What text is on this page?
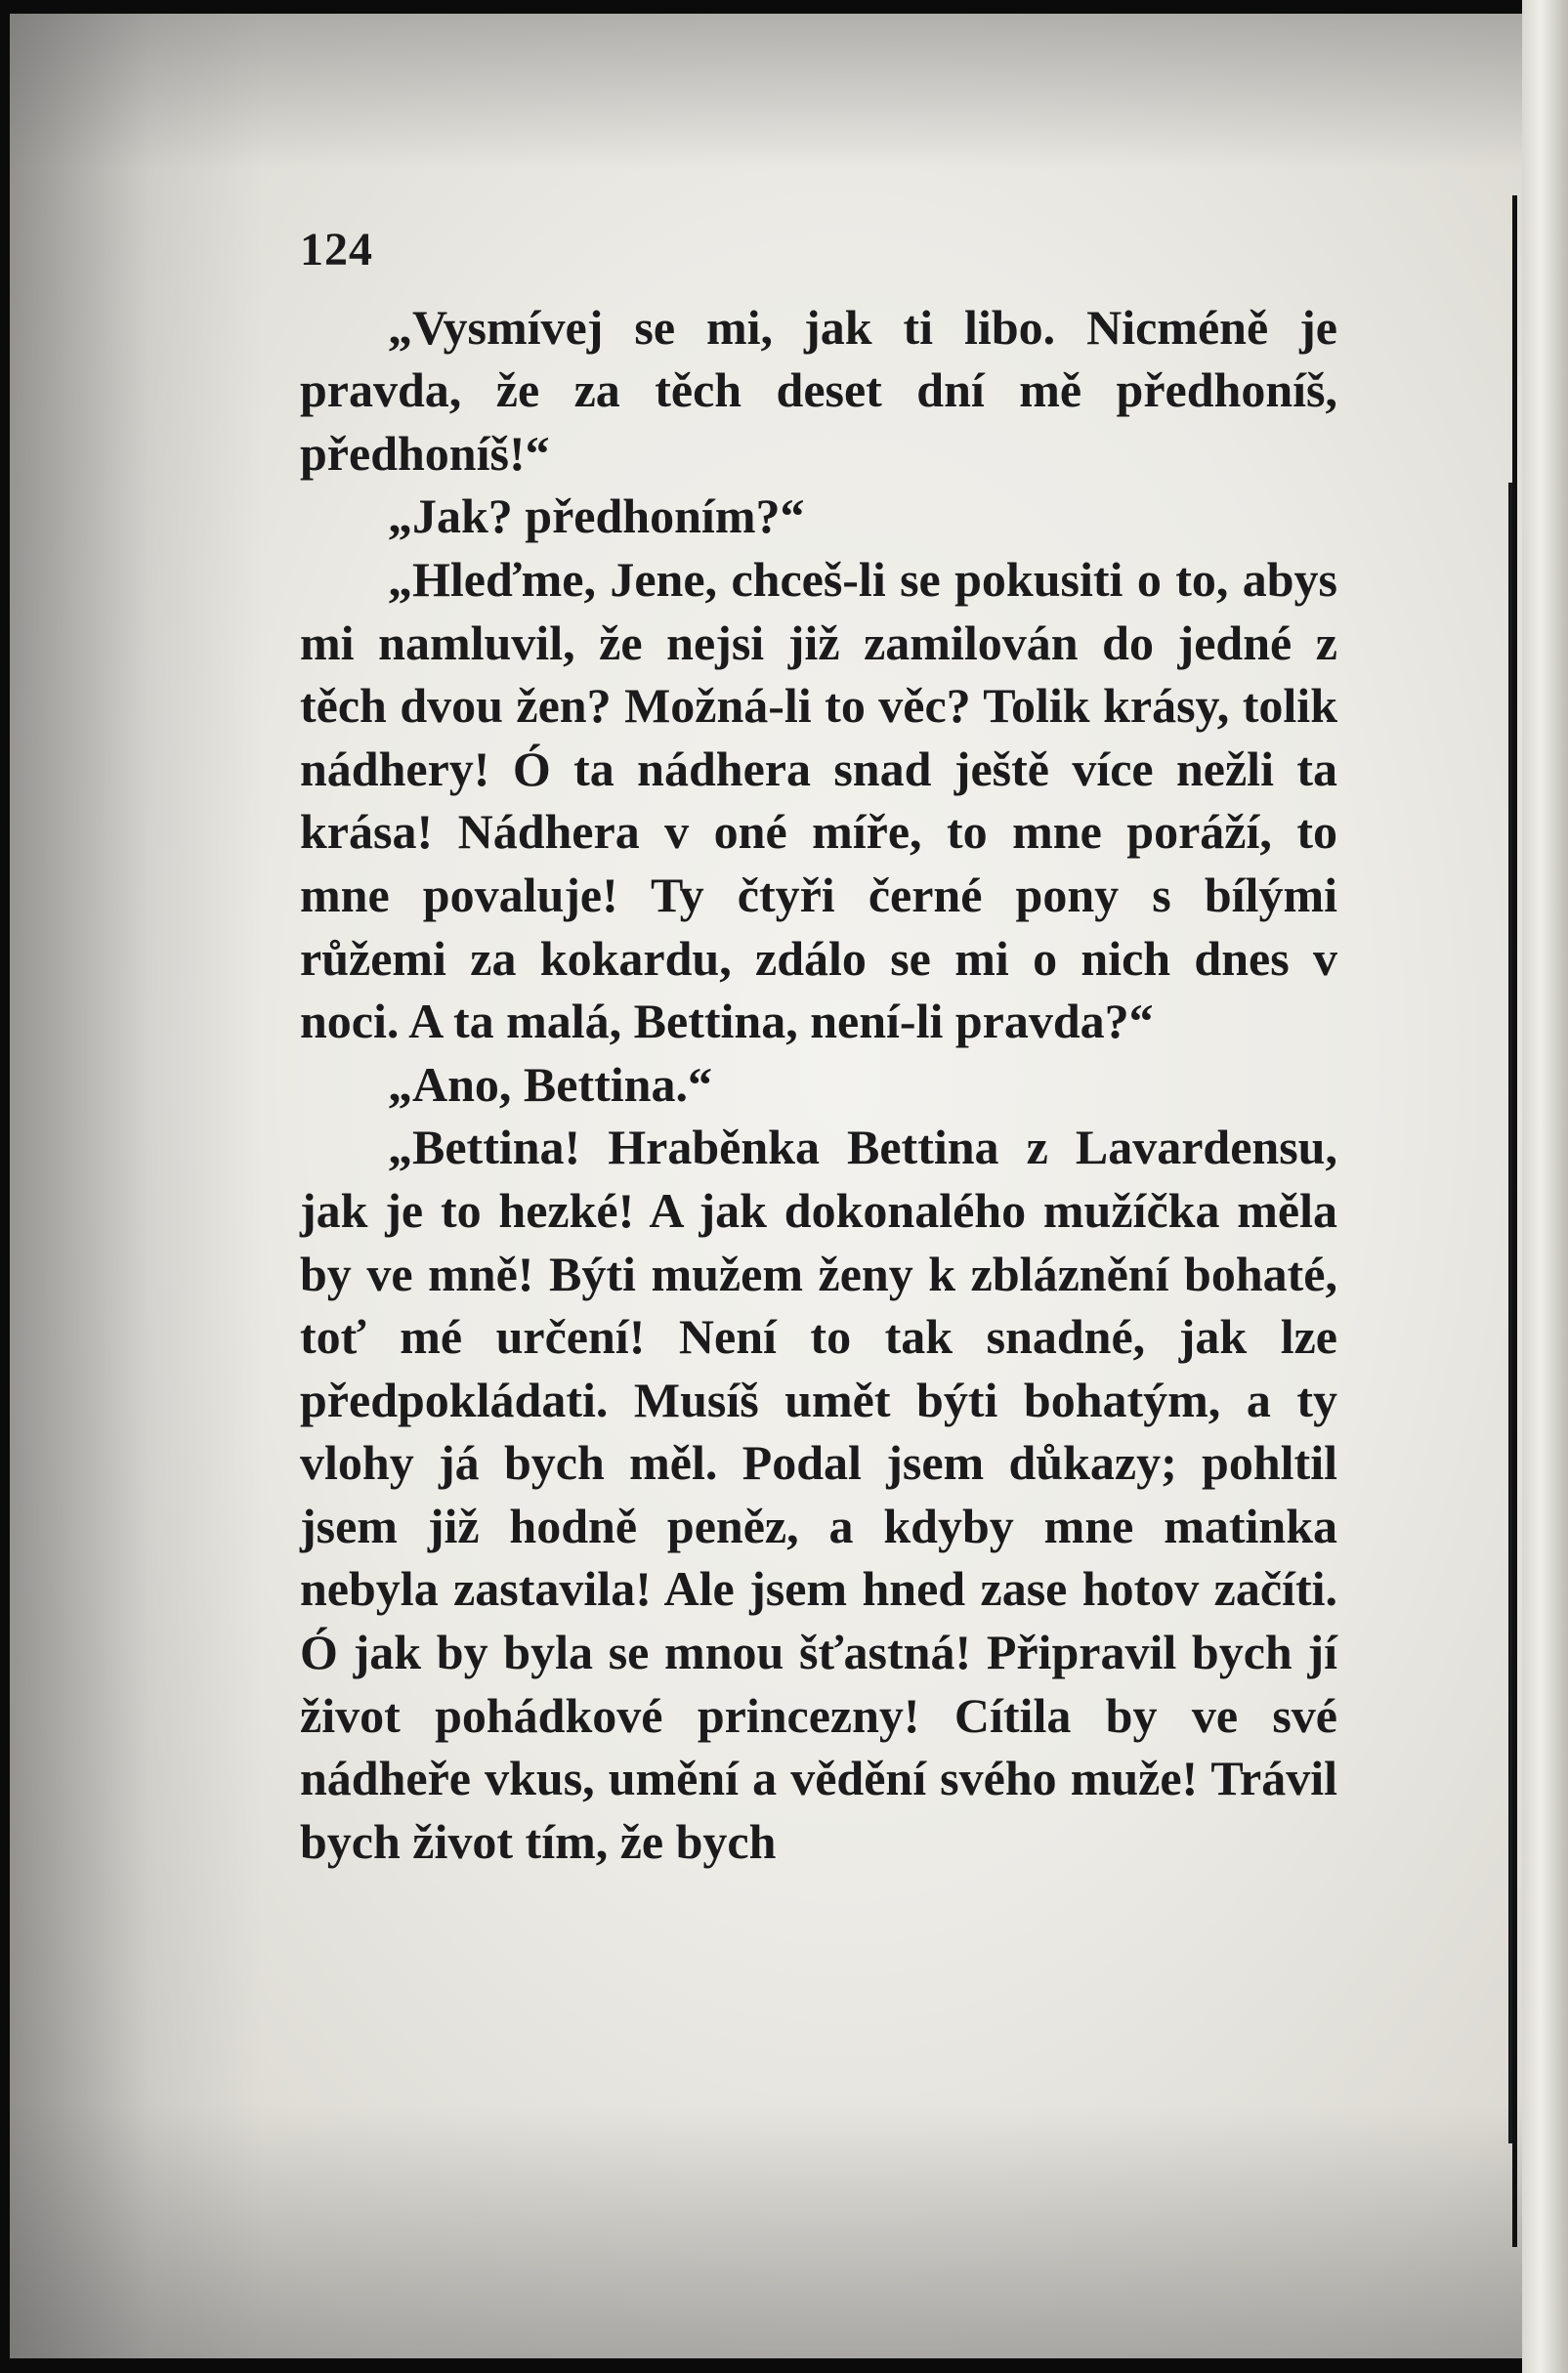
124

„Vysmívej se mi, jak ti libo. Nicméně je pravda, že za těch deset dní mě předhoníš, předhoníš!“

„Jak? předhoním?“

„Hleďme, Jene, chceš-li se pokusiti o to, abys mi namluvil, že nejsi již zamilován do jedné z těch dvou žen? Možná-li to věc? Tolik krásy, tolik nádhery! Ó ta nádhera snad ještě více nežli ta krása! Nádhera v oné míře, to mne poráží, to mne povaluje! Ty čtyři černé pony s bílými růžemi za kokardu, zdálo se mi o nich dnes v noci. A ta malá, Bettina, není-li pravda?“

„Ano, Bettina.“

„Bettina! Hraběnka Bettina z Lavardensu, jak je to hezké! A jak dokonalého mužíčka měla by ve mně! Býti mužem ženy k zbláznění bohaté, toť mé určení! Není to tak snadné, jak lze předpokládati. Musíš umět býti bohatým, a ty vlohy já bych měl. Podal jsem důkazy; pohltil jsem již hodně peněz, a kdyby mne matinka nebyla zastavila! Ale jsem hned zase hotov začíti. Ó jak by byla se mnou šťastná! Připravil bych jí život pohádkové princezny! Cítila by ve své nádheře vkus, umění a vědění svého muže! Trávil bych život tím, že bych
